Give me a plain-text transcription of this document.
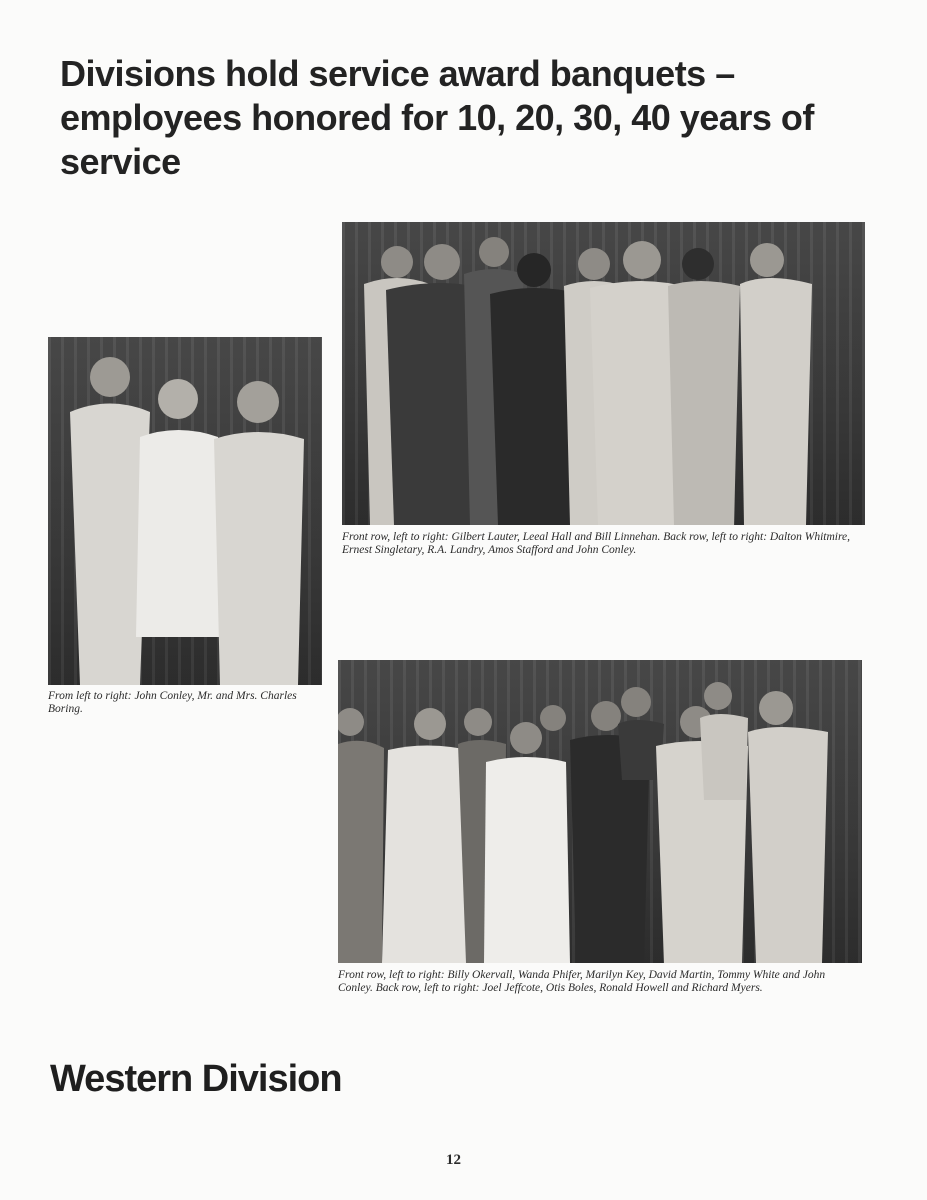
Divisions hold service award banquets – employees honored for 10, 20, 30, 40 years of service

From left to right: John Conley, Mr. and Mrs. Charles Boring.

Front row, left to right: Gilbert Lauter, Leeal Hall and Bill Linnehan. Back row, left to right: Dalton Whitmire, Ernest Singletary, R.A. Landry, Amos Stafford and John Conley.

Front row, left to right: Billy Okervall, Wanda Phifer, Marilyn Key, David Martin, Tommy White and John Conley. Back row, left to right: Joel Jeffcote, Otis Boles, Ronald Howell and Richard Myers.

Western Division
12
